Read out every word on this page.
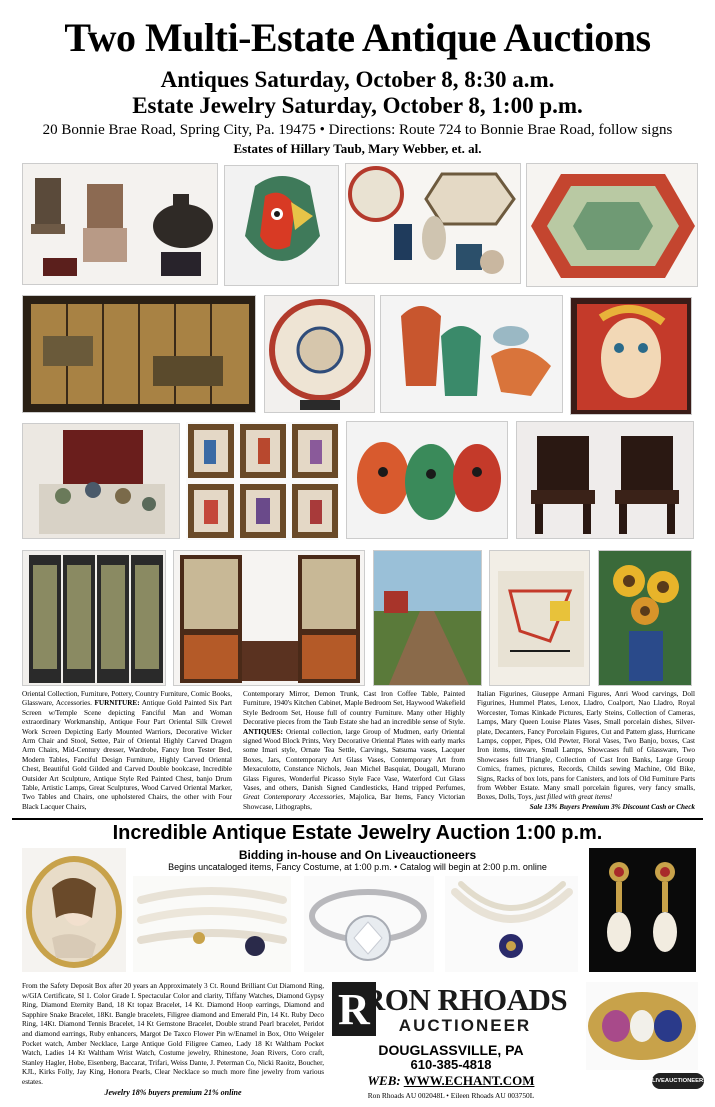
Two Multi-Estate Antique Auctions
Antiques Saturday, October 8, 8:30 a.m.
Estate Jewelry Saturday, October 8, 1:00 p.m.
20 Bonnie Brae Road, Spring City, Pa. 19475 • Directions: Route 724 to Bonnie Brae Road, follow signs
Estates of Hillary Taub, Mary Webber, et. al.
Oriental Collection, Furniture, Pottery, Country Furniture, Comic Books, Glassware, Accessories. FURNITURE: Antique Gold Painted Six Part Screen w/Temple Scene depicting Fanciful Man and Woman extraordinary Workmanship, Antique Four Part Oriental Silk Crewel Work Screen Depicting Early Mounted Warriors, Decorative Wicker Arm Chair and Stool, Settee, Pair of Oriental Highly Carved Dragon Arm Chairs, Mid-Century dresser, Wardrobe, Fancy Iron Tester Bed, Modern Tables, Fanciful Design Furniture, Highly Carved Oriental Chest, Beautiful Gold Gilded and Carved Double bookcase, Incredible Outsider Art Sculpture, Antique Style Red Painted Chest, banjo Drum Table, Artistic Lamps, Great Sculptures, Wood Carved Oriental Marker, Two Tables and Chairs, one upholstered Chairs, the other with Four Black Lacquer Chairs,
Contemporary Mirror, Demon Trunk, Cast Iron Coffee Table, Painted Furniture, 1940's Kitchen Cabinet, Maple Bedroom Set, Haywood Wakefield Style Bedroom Set, House full of country Furniture. Many other Highly Decorative pieces from the Taub Estate she had an incredible sense of Style. ANTIQUES: Oriental collection, large Group of Mudmen, early Oriental signed Wood Block Prints, Very Decorative Oriental Plates with early marks some Imari style, Ornate Tea Settle, Carvings, Satsuma vases, Lacquer Boxes, Jars, Contemporary Art Glass Vases, Contemporary Art from Mexaculotte, Constance Nichols, Jean Michel Basquiat, Dougall, Murano Glass Figures, Wonderful Picasso Style Face Vase, Waterford Cut Glass Vases, and others, Danish Signed Candlesticks, Hand tripped Perfumes, Great Contemporary Accessories, Majolica, Bar Items, Fancy Victorian Showcase, Lithographs,
Italian Figurines, Giuseppe Armani Figures, Anri Wood carvings, Doll Figurines, Hummel Plates, Lenox, Lladro, Coalport, Nao Lladro, Royal Worcester, Tomas Kinkade Pictures, Early Steins, Collection of Cameras, Lamps, Mary Queen Louise Plates Vases, Small porcelain dishes, Silver-plate, Decanters, Fancy Porcelain Figures, Cut and Pattern glass, Hurricane Lamps, copper, Pipes, Old Pewter, Floral Vases, Two Banjo, boxes, Cast Iron items, tinware, Small Lamps, Showcases full of Glassware, Two Showcases full Triangle, Collection of Cast Iron Banks, Large Group Comics, frames, pictures, Records, Childs sewing Machine, Old Bike, Signs, Racks of box lots, pans for Canisters, and lots of Old Furniture Parts from Webber Estate. Many small porcelain figures, very fancy smalls, Boxes, Dolls, Toys, just filled with great items!
Sale 13% Buyers Premium 3% Discount Cash or Check
Incredible Antique Estate Jewelry Auction 1:00 p.m.
Bidding in-house and On Liveauctioneers
Begins uncataloged items, Fancy Costume, at 1:00 p.m. • Catalog will begin at 2:00 p.m. online
From the Safety Deposit Box after 20 years an Approximately 3 Ct. Round Brilliant Cut Diamond Ring, w/GIA Certificate, SI 1. Color Grade I. Spectacular Color and clarity, Tiffany Watches, Diamond Gypsy Ring, Diamond Eternity Band, 18 Kt topaz Bracelet, 14 Kt. Diamond Hoop earrings, Diamond and Sapphire Snake Bracelet, 18Kt. Bangle bracelets, Filigree diamond and Emerald Pin, 14 Kt. Ruby Deco Ring, 14Kt. Diamond Tennis Bracelet, 14 Kt Gemstone Bracelet, Double strand Pearl bracelet, Peridot and diamond earrings, Ruby enhancers, Margot De Taxco Flower Pin w/Enamel in Box, Otto Weigeler Pocket watch, Amber Necklace, Large Antique Gold Filigree Cameo, Lady 18 Kt Waltham Pocket Watch, Ladies 14 Kt Waltham Wrist Watch, Costume jewelry, Rhinestone, Joan Rivers, Coro craft, Stanley Hagler, Hobe, Eisenberg, Baccarat, Trifari, Weiss Dante, J. Peterman Co, Nicki Raoitz, Boucher, KJL, Kirks Folly, Jay King, Honora Pearls, Clear Necklace so much more fine jewelry from various estates.
Jewelry 18% buyers premium 21% online
R
RON RHOADS
AUCTIONEER
DOUGLASSVILLE, PA
610-385-4818
WEB: WWW.ECHANT.COM
Ron Rhoads AU 002048L • Eileen Rhoads AU 003750L
LIVEAUCTIONEERS
